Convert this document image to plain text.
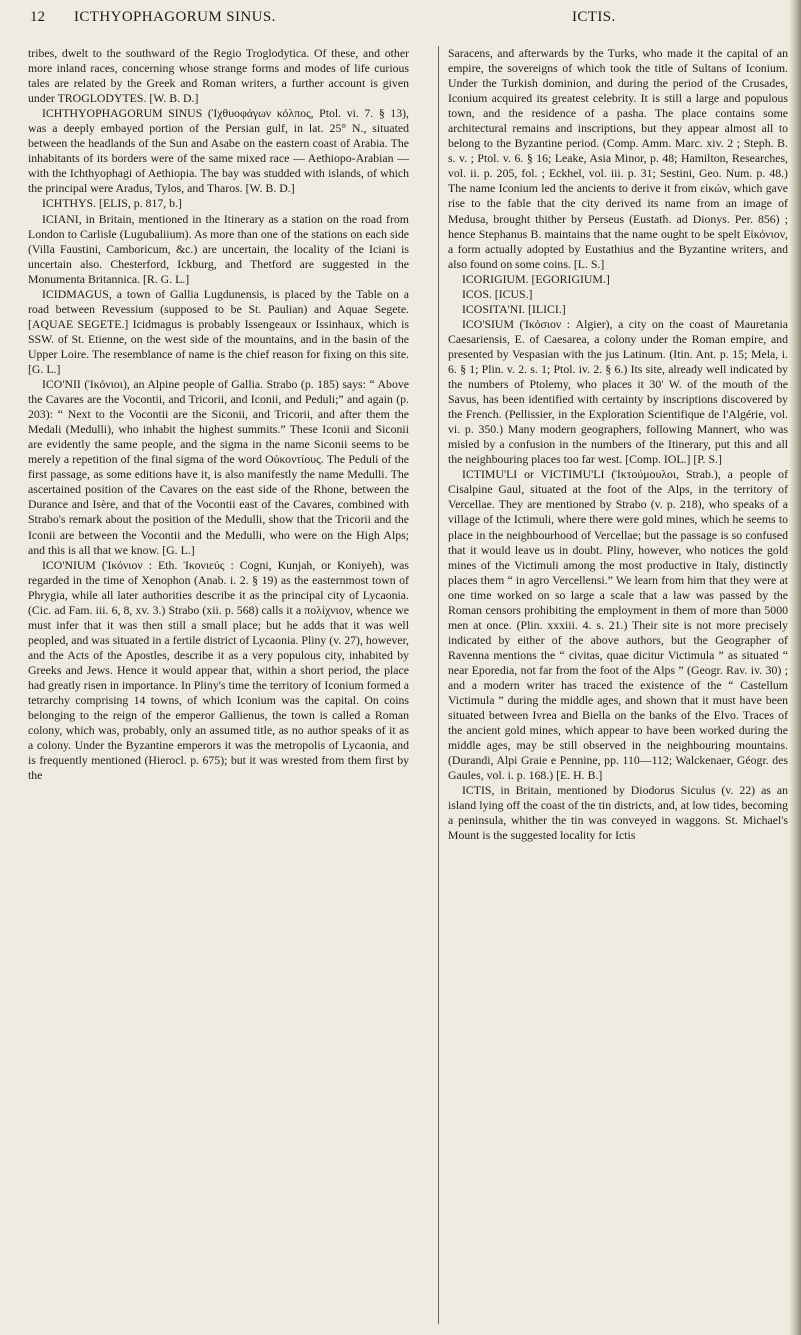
12 ICTHYOPHAGORUM SINUS.	ICTIS.

tribes, dwelt to the southward of the Regio Troglodytica. Of these, and other more inland races, concerning whose strange forms and modes of life curious tales are related by the Greek and Roman writers, a further account is given under TROGLODYTES. [W. B. D.]

ICHTHYOPHAGORUM SINUS (Ἰχθυοφάγων κόλπος, Ptol. vi. 7. § 13), was a deeply embayed portion of the Persian gulf, in lat. 25° N., situated between the headlands of the Sun and Asabe on the eastern coast of Arabia. The inhabitants of its borders were of the same mixed race — Aethiopo-Arabian — with the Ichthyophagi of Aethiopia. The bay was studded with islands, of which the principal were Aradus, Tylos, and Tharos. [W. B. D.]

ICHTHYS. [ELIS, p. 817, b.]

ICIANI, in Britain, mentioned in the Itinerary as a station on the road from London to Carlisle (Lugubaliium). As more than one of the stations on each side (Villa Faustini, Camboricum, &c.) are uncertain, the locality of the Iciani is uncertain also. Chesterford, Ickburg, and Thetford are suggested in the Monumenta Britannica. [R. G. L.]

ICIDMAGUS, a town of Gallia Lugdunensis, is placed by the Table on a road between Revessium (supposed to be St. Paulian) and Aquae Segete. [AQUAE SEGETE.] Icidmagus is probably Issengeaux or Issinhaux, which is SSW. of St. Etienne, on the west side of the mountains, and in the basin of the Upper Loire. The resemblance of name is the chief reason for fixing on this site. [G. L.]

ICO'NII (Ἰκόνιοι), an Alpine people of Gallia. Strabo (p. 185) says: “ Above the Cavares are the Vocontii, and Tricorii, and Iconii, and Peduli;” and again (p. 203): “ Next to the Vocontii are the Siconii, and Tricorii, and after them the Medali (Medulli), who inhabit the highest summits.” These Iconii and Siconii are evidently the same people, and the sigma in the name Siconii seems to be merely a repetition of the final sigma of the word Οὐκοντίους. The Peduli of the first passage, as some editions have it, is also manifestly the name Medulli. The ascertained position of the Cavares on the east side of the Rhone, between the Durance and Isère, and that of the Vocontii east of the Cavares, combined with Strabo's remark about the position of the Medulli, show that the Tricorii and the Iconii are between the Vocontii and the Medulli, who were on the High Alps; and this is all that we know. [G. L.]

ICO'NIUM (Ἰκόνιον : Eth. Ἰκονιεύς : Cogni, Kunjah, or Koniyeh), was regarded in the time of Xenophon (Anab. i. 2. § 19) as the easternmost town of Phrygia, while all later authorities describe it as the principal city of Lycaonia. (Cic. ad Fam. iii. 6, 8, xv. 3.) Strabo (xii. p. 568) calls it a πολίχνιον, whence we must infer that it was then still a small place; but he adds that it was well peopled, and was situated in a fertile district of Lycaonia. Pliny (v. 27), however, and the Acts of the Apostles, describe it as a very populous city, inhabited by Greeks and Jews. Hence it would appear that, within a short period, the place had greatly risen in importance. In Pliny's time the territory of Iconium formed a tetrarchy comprising 14 towns, of which Iconium was the capital. On coins belonging to the reign of the emperor Gallienus, the town is called a Roman colony, which was, probably, only an assumed title, as no author speaks of it as a colony. Under the Byzantine emperors it was the metropolis of Lycaonia, and is frequently mentioned (Hierocl. p. 675); but it was wrested from them first by the

Saracens, and afterwards by the Turks, who made it the capital of an empire, the sovereigns of which took the title of Sultans of Iconium. Under the Turkish dominion, and during the period of the Crusades, Iconium acquired its greatest celebrity. It is still a large and populous town, and the residence of a pasha. The place contains some architectural remains and inscriptions, but they appear almost all to belong to the Byzantine period. (Comp. Amm. Marc. xiv. 2 ; Steph. B. s. v. ; Ptol. v. 6. § 16; Leake, Asia Minor, p. 48; Hamilton, Researches, vol. ii. p. 205, fol. ; Eckhel, vol. iii. p. 31; Sestini, Geo. Num. p. 48.) The name Iconium led the ancients to derive it from εἰκών, which gave rise to the fable that the city derived its name from an image of Medusa, brought thither by Perseus (Eustath. ad Dionys. Per. 856) ; hence Stephanus B. maintains that the name ought to be spelt Εἰκόνιον, a form actually adopted by Eustathius and the Byzantine writers, and also found on some coins. [L. S.]

ICORIGIUM. [EGORIGIUM.]

ICOS. [ICUS.]

ICOSITA'NI. [ILICI.]

ICO'SIUM (Ἰκόσιον : Algier), a city on the coast of Mauretania Caesariensis, E. of Caesarea, a colony under the Roman empire, and presented by Vespasian with the jus Latinum. (Itin. Ant. p. 15; Mela, i. 6. § 1; Plin. v. 2. s. 1; Ptol. iv. 2. § 6.) Its site, already well indicated by the numbers of Ptolemy, who places it 30' W. of the mouth of the Savus, has been identified with certainty by inscriptions discovered by the French. (Pellissier, in the Exploration Scientifique de l'Algérie, vol. vi. p. 350.) Many modern geographers, following Mannert, who was misled by a confusion in the numbers of the Itinerary, put this and all the neighbouring places too far west. [Comp. IOL.] [P. S.]

ICTIMU'LI or VICTIMU'LI (Ἰκτούμουλοι, Strab.), a people of Cisalpine Gaul, situated at the foot of the Alps, in the territory of Vercellae. They are mentioned by Strabo (v. p. 218), who speaks of a village of the Ictimuli, where there were gold mines, which he seems to place in the neighbourhood of Vercellae; but the passage is so confused that it would leave us in doubt. Pliny, however, who notices the gold mines of the Victimuli among the most productive in Italy, distinctly places them “ in agro Vercellensi.” We learn from him that they were at one time worked on so large a scale that a law was passed by the Roman censors prohibiting the employment in them of more than 5000 men at once. (Plin. xxxiii. 4. s. 21.) Their site is not more precisely indicated by either of the above authors, but the Geographer of Ravenna mentions the “ civitas, quae dicitur Victimula ” as situated “ near Eporedia, not far from the foot of the Alps ” (Geogr. Rav. iv. 30) ; and a modern writer has traced the existence of the “ Castellum Victimula ” during the middle ages, and shown that it must have been situated between Ivrea and Biella on the banks of the Elvo. Traces of the ancient gold mines, which appear to have been worked during the middle ages, may be still observed in the neighbouring mountains. (Durandi, Alpi Graie e Pennine, pp. 110—112; Walckenaer, Géogr. des Gaules, vol. i. p. 168.) [E. H. B.]

ICTIS, in Britain, mentioned by Diodorus Siculus (v. 22) as an island lying off the coast of the tin districts, and, at low tides, becoming a peninsula, whither the tin was conveyed in waggons. St. Michael's Mount is the suggested locality for Ictis
